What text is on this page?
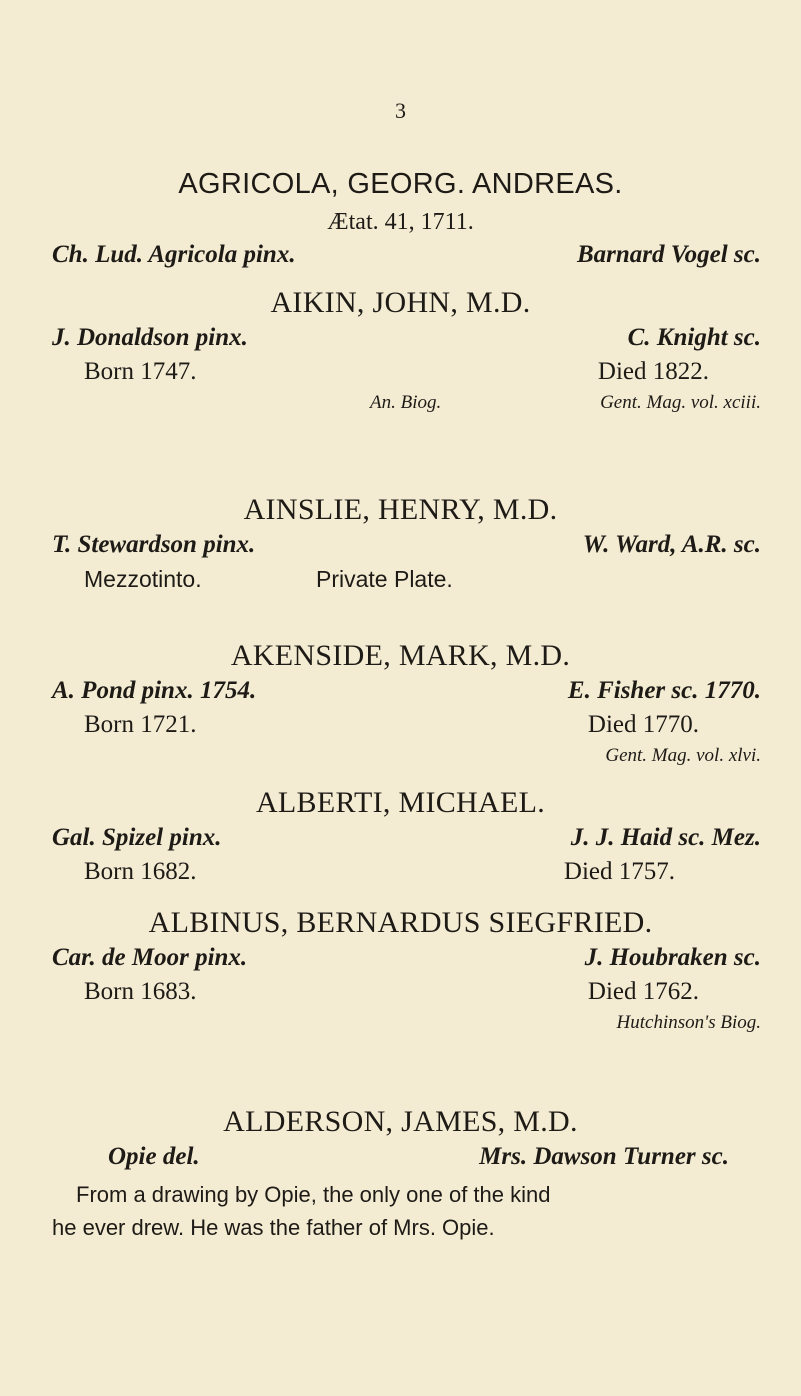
3
AGRICOLA, GEORG. ANDREAS.
Ætat. 41, 1711.
Ch. Lud. Agricola pinx.	Barnard Vogel sc.
AIKIN, JOHN, M.D.
J. Donaldson pinx.	C. Knight sc.
Born 1747.	Died 1822.
An. Biog.	Gent. Mag. vol. xciii.
AINSLIE, HENRY, M.D.
T. Stewardson pinx.	W. Ward, A.R. sc.
Mezzotinto.	Private Plate.
AKENSIDE, MARK, M.D.
A. Pond pinx. 1754.	E. Fisher sc. 1770.
Born 1721.	Died 1770.
Gent. Mag. vol. xlvi.
ALBERTI, MICHAEL.
Gal. Spizel pinx.	J. J. Haid sc. Mez.
Born 1682.	Died 1757.
ALBINUS, BERNARDUS SIEGFRIED.
Car. de Moor pinx.	J. Houbraken sc.
Born 1683.	Died 1762.
Hutchinson's Biog.
ALDERSON, JAMES, M.D.
Opie del.	Mrs. Dawson Turner sc.

From a drawing by Opie, the only one of the kind

he ever drew. He was the father of Mrs. Opie.
